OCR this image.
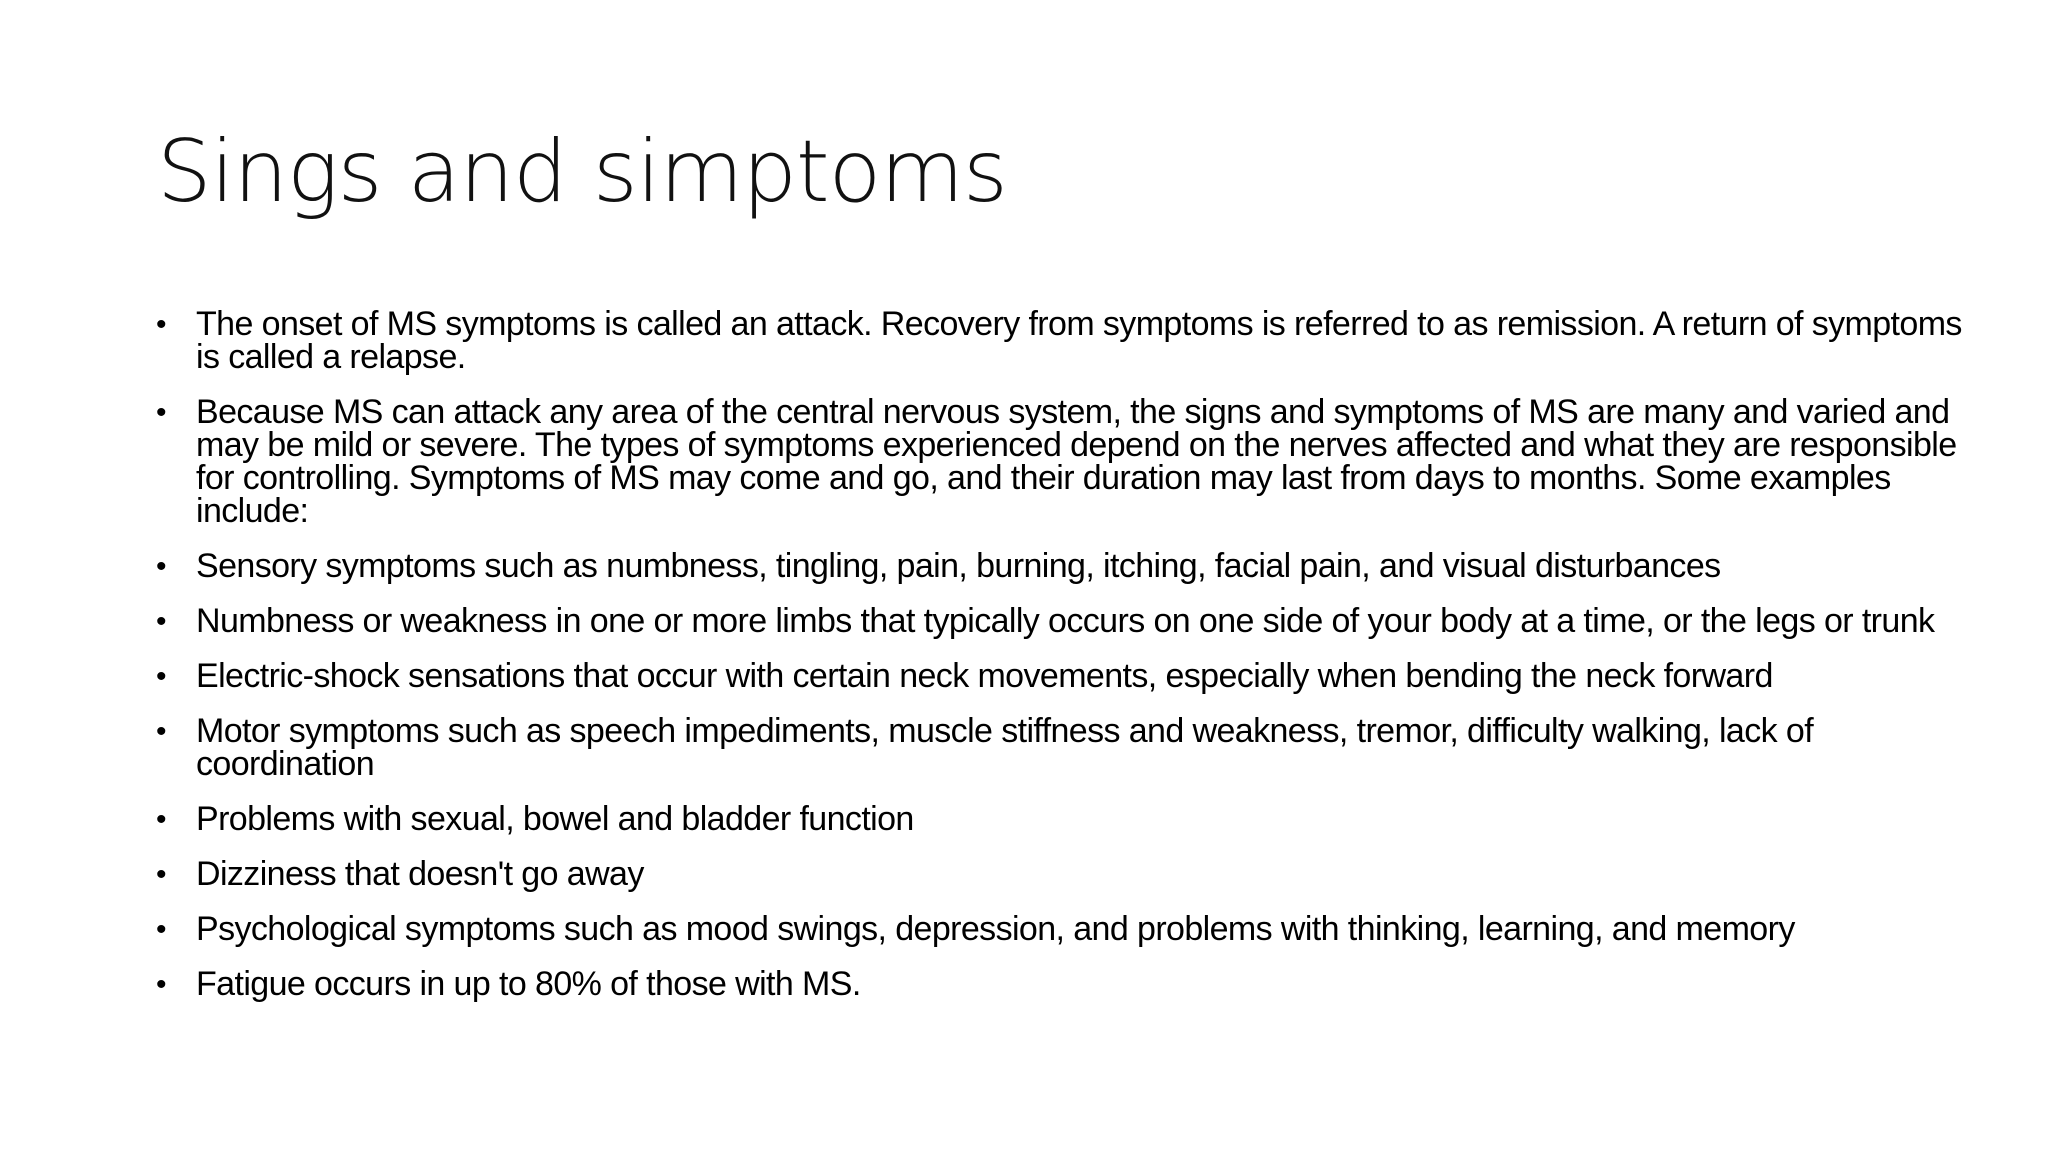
Sings and simptoms
• The onset of MS symptoms is called an attack. Recovery from symptoms is referred to as remission. A return of symptoms is called a relapse.
• Because MS can attack any area of the central nervous system, the signs and symptoms of MS are many and varied and may be mild or severe. The types of symptoms experienced depend on the nerves affected and what they are responsible for controlling. Symptoms of MS may come and go, and their duration may last from days to months. Some examples include:
• Sensory symptoms such as numbness, tingling, pain, burning, itching, facial pain, and visual disturbances
• Numbness or weakness in one or more limbs that typically occurs on one side of your body at a time, or the legs or trunk
• Electric-shock sensations that occur with certain neck movements, especially when bending the neck forward
• Motor symptoms such as speech impediments, muscle stiffness and weakness, tremor, difficulty walking, lack of coordination
• Problems with sexual, bowel and bladder function
• Dizziness that doesn't go away
• Psychological symptoms such as mood swings, depression, and problems with thinking, learning, and memory
• Fatigue occurs in up to 80% of those with MS.
